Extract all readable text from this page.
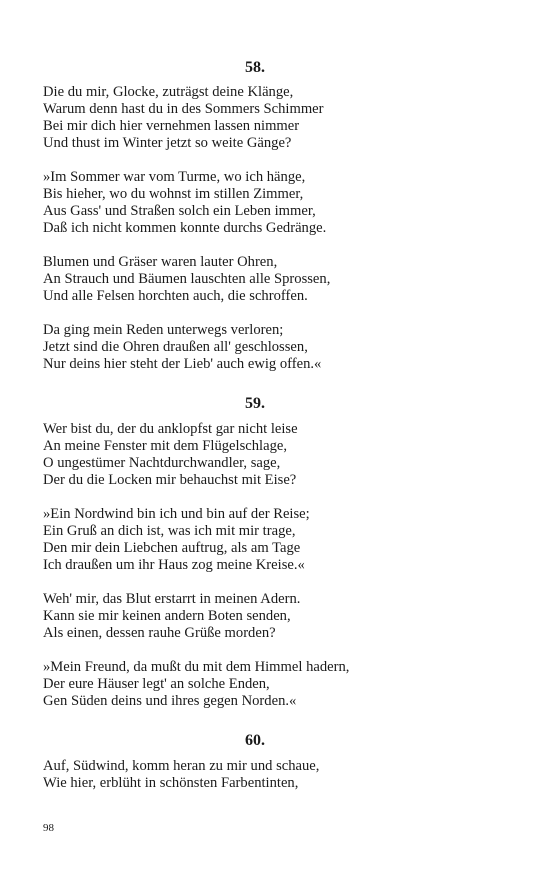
58.
Die du mir, Glocke, zuträgst deine Klänge,
Warum denn hast du in des Sommers Schimmer
Bei mir dich hier vernehmen lassen nimmer
Und thust im Winter jetzt so weite Gänge?
»Im Sommer war vom Turme, wo ich hänge,
Bis hieher, wo du wohnst im stillen Zimmer,
Aus Gass' und Straßen solch ein Leben immer,
Daß ich nicht kommen konnte durchs Gedränge.
Blumen und Gräser waren lauter Ohren,
An Strauch und Bäumen lauschten alle Sprossen,
Und alle Felsen horchten auch, die schroffen.
Da ging mein Reden unterwegs verloren;
Jetzt sind die Ohren draußen all' geschlossen,
Nur deins hier steht der Lieb' auch ewig offen.«
59.
Wer bist du, der du anklopfst gar nicht leise
An meine Fenster mit dem Flügelschlage,
O ungestümer Nachtdurchwandler, sage,
Der du die Locken mir behauchst mit Eise?
»Ein Nordwind bin ich und bin auf der Reise;
Ein Gruß an dich ist, was ich mit mir trage,
Den mir dein Liebchen auftrug, als am Tage
Ich draußen um ihr Haus zog meine Kreise.«
Weh' mir, das Blut erstarrt in meinen Adern.
Kann sie mir keinen andern Boten senden,
Als einen, dessen rauhe Grüße morden?
»Mein Freund, da mußt du mit dem Himmel hadern,
Der eure Häuser legt' an solche Enden,
Gen Süden deins und ihres gegen Norden.«
60.
Auf, Südwind, komm heran zu mir und schaue,
Wie hier, erblüht in schönsten Farbentinten,
98
